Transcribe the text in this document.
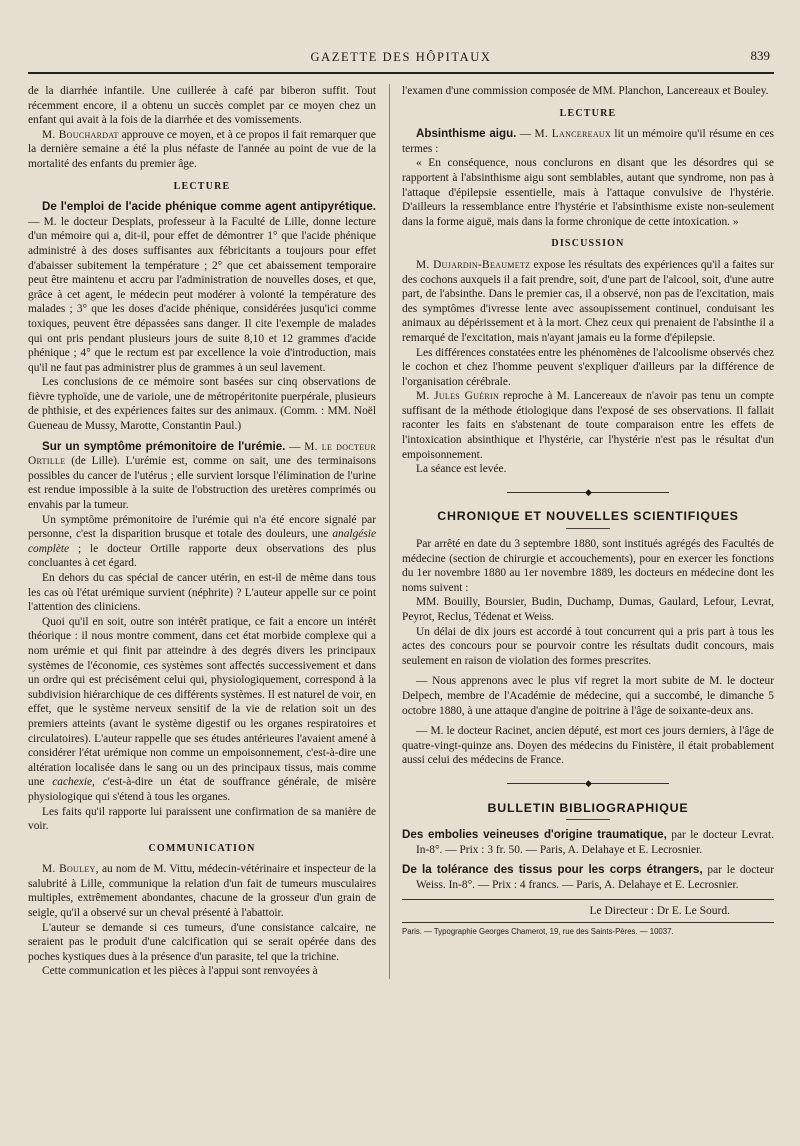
GAZETTE DES HÔPITAUX	839

de la diarrhée infantile. Une cuillerée à café par biberon suffit. Tout récemment encore, il a obtenu un succès complet par ce moyen chez un enfant qui avait à la fois de la diarrhée et des vomissements.

M. Bouchardat approuve ce moyen, et à ce propos il fait remarquer que la dernière semaine a été la plus néfaste de l'année au point de vue de la mortalité des enfants du premier âge.

LECTURE

De l'emploi de l'acide phénique comme agent antipyrétique. — M. le docteur Desplats, professeur à la Faculté de Lille, donne lecture d'un mémoire qui a, dit-il, pour effet de démontrer 1° que l'acide phénique administré à des doses suffisantes aux fébricitants a toujours pour effet d'abaisser subitement la température ; 2° que cet abaissement temporaire peut être maintenu et accru par l'administration de nouvelles doses, et que, grâce à cet agent, le médecin peut modérer à volonté la température des malades ; 3° que les doses d'acide phénique, considérées jusqu'ici comme toxiques, peuvent être dépassées sans danger. Il cite l'exemple de malades qui ont pris pendant plusieurs jours de suite 8,10 et 12 grammes d'acide phénique ; 4° que le rectum est par excellence la voie d'introduction, mais qu'il ne faut pas administrer plus de grammes à un seul lavement.

Les conclusions de ce mémoire sont basées sur cinq observations de fièvre typhoïde, une de variole, une de métropéritonite puerpérale, plusieurs de phthisie, et des expériences faites sur des animaux. (Comm. : MM. Noël Gueneau de Mussy, Marotte, Constantin Paul.)

Sur un symptôme prémonitoire de l'urémie. — M. le docteur Ortille (de Lille). L'urémie est, comme on sait, une des terminaisons possibles du cancer de l'utérus ; elle survient lorsque l'élimination de l'urine est rendue impossible à la suite de l'obstruction des uretères comprimés ou envahis par la tumeur.

Un symptôme prémonitoire de l'urémie qui n'a été encore signalé par personne, c'est la disparition brusque et totale des douleurs, une analgésie complète ; le docteur Ortille rapporte deux observations des plus concluantes à cet égard.

En dehors du cas spécial de cancer utérin, en est-il de même dans tous les cas où l'état urémique survient (néphrite) ? L'auteur appelle sur ce point l'attention des cliniciens.

Quoi qu'il en soit, outre son intérêt pratique, ce fait a encore un intérêt théorique : il nous montre comment, dans cet état morbide complexe qui a nom urémie et qui finit par atteindre à des degrés divers les principaux systèmes de l'économie, ces systèmes sont affectés successivement et dans un ordre qui est précisément celui qui, physiologiquement, correspond à la subdivision hiérarchique de ces différents systèmes. Il est naturel de voir, en effet, que le système nerveux sensitif de la vie de relation soit un des premiers atteints (avant le système digestif ou les organes respiratoires et circulatoires). L'auteur rappelle que ses études antérieures l'avaient amené à considérer l'état urémique non comme un empoisonnement, c'est-à-dire une altération localisée dans le sang ou un des principaux tissus, mais comme une cachexie, c'est-à-dire un état de souffrance générale, de misère physiologique qui s'étend à tous les organes.

Les faits qu'il rapporte lui paraissent une confirmation de sa manière de voir.

COMMUNICATION

M. Bouley, au nom de M. Vittu, médecin-vétérinaire et inspecteur de la salubrité à Lille, communique la relation d'un fait de tumeurs musculaires multiples, extrêmement abondantes, chacune de la grosseur d'un grain de seigle, qu'il a observé sur un cheval présenté à l'abattoir.

L'auteur se demande si ces tumeurs, d'une consistance calcaire, ne seraient pas le produit d'une calcification qui se serait opérée dans des poches kystiques dues à la présence d'un parasite, tel que la trichine.

Cette communication et les pièces à l'appui sont renvoyées à

l'examen d'une commission composée de MM. Planchon, Lancereaux et Bouley.

LECTURE

Absinthisme aigu. — M. Lancereaux lit un mémoire qu'il résume en ces termes :

« En conséquence, nous conclurons en disant que les désordres qui se rapportent à l'absinthisme aigu sont semblables, autant que syndrome, non pas à l'attaque d'épilepsie essentielle, mais à l'attaque convulsive de l'hystérie. D'ailleurs la ressemblance entre l'hystérie et l'absinthisme existe non-seulement dans la forme aiguë, mais dans la forme chronique de cette intoxication. »

DISCUSSION

M. Dujardin-Beaumetz expose les résultats des expériences qu'il a faites sur des cochons auxquels il a fait prendre, soit, d'une part de l'alcool, soit, d'une autre part, de l'absinthe. Dans le premier cas, il a observé, non pas de l'excitation, mais des symptômes d'ivresse lente avec assoupissement continuel, conduisant les animaux au dépérissement et à la mort. Chez ceux qui prenaient de l'absinthe il a remarqué de l'excitation, mais n'ayant jamais eu la forme d'épilepsie.

Les différences constatées entre les phénomènes de l'alcoolisme observés chez le cochon et chez l'homme peuvent s'expliquer d'ailleurs par la différence de l'organisation cérébrale.

M. Jules Guérin reproche à M. Lancereaux de n'avoir pas tenu un compte suffisant de la méthode étiologique dans l'exposé de ses observations. Il fallait raconter les faits en s'abstenant de toute comparaison entre les effets de l'intoxication absinthique et l'hystérie, car l'hystérie n'est pas le résultat d'un empoisonnement.

La séance est levée.

◆
CHRONIQUE ET NOUVELLES SCIENTIFIQUES

Par arrêté en date du 3 septembre 1880, sont institués agrégés des Facultés de médecine (section de chirurgie et accouchements), pour en exercer les fonctions du 1er novembre 1880 au 1er novembre 1889, les docteurs en médecine dont les noms suivent :

MM. Bouilly, Boursier, Budin, Duchamp, Dumas, Gaulard, Lefour, Levrat, Peyrot, Reclus, Tédenat et Weiss.

Un délai de dix jours est accordé à tout concurrent qui a pris part à tous les actes des concours pour se pourvoir contre les résultats dudit concours, mais seulement en raison de violation des formes prescrites.

— Nous apprenons avec le plus vif regret la mort subite de M. le docteur Delpech, membre de l'Académie de médecine, qui a succombé, le dimanche 5 octobre 1880, à une attaque d'angine de poitrine à l'âge de soixante-deux ans.

— M. le docteur Racinet, ancien député, est mort ces jours derniers, à l'âge de quatre-vingt-quinze ans. Doyen des médecins du Finistère, il était probablement aussi celui des médecins de France.

◆
BULLETIN BIBLIOGRAPHIQUE

Des embolies veineuses d'origine traumatique, par le docteur Levrat. In-8°. — Prix : 3 fr. 50. — Paris, A. Delahaye et E. Lecrosnier.

De la tolérance des tissus pour les corps étrangers, par le docteur Weiss. In-8°. — Prix : 4 francs. — Paris, A. Delahaye et E. Lecrosnier.

Le Directeur : Dr E. Le Sourd.
Paris. — Typographie Georges Chamerot, 19, rue des Saints-Pères. — 10037.
